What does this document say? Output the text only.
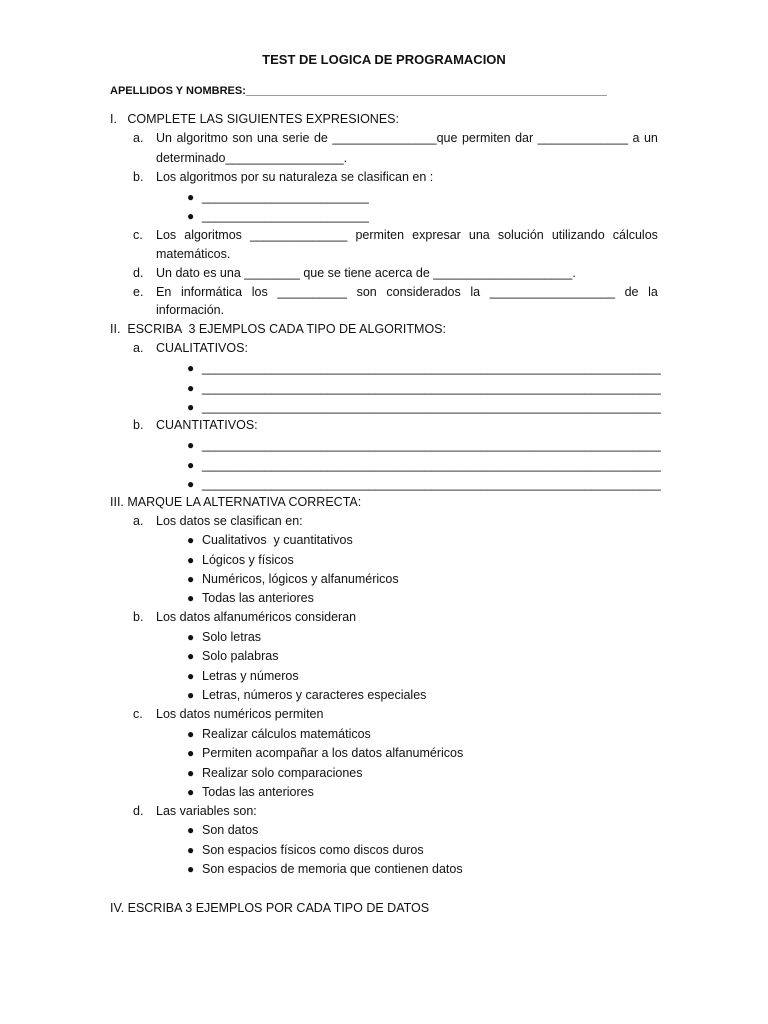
TEST DE LOGICA DE PROGRAMACION
APELLIDOS Y NOMBRES:___________________________________________________________
I.   COMPLETE LAS SIGUIENTES EXPRESIONES:
a. Un algoritmo son una serie de _______________que permiten dar _____________ a un
determinado_________________.
b. Los algoritmos por su naturaleza se clasifican en :
● ________________________
● ________________________
c. Los algoritmos ______________ permiten expresar una solución utilizando cálculos
matemáticos.
d. Un dato es una ________ que se tiene acerca de ____________________.
e. En informática los __________ son considerados la __________________ de la
información.
II.  ESCRIBA  3 EJEMPLOS CADA TIPO DE ALGORITMOS:
a. CUALITATIVOS:
● __________________________________________________________________
● __________________________________________________________________
● __________________________________________________________________
b. CUANTITATIVOS:
● __________________________________________________________________
● __________________________________________________________________
● __________________________________________________________________
III. MARQUE LA ALTERNATIVA CORRECTA:
a. Los datos se clasifican en:
● Cualitativos  y cuantitativos
● Lógicos y físicos
● Numéricos, lógicos y alfanuméricos
● Todas las anteriores
b. Los datos alfanuméricos consideran
● Solo letras
● Solo palabras
● Letras y números
● Letras, números y caracteres especiales
c. Los datos numéricos permiten
● Realizar cálculos matemáticos
● Permiten acompañar a los datos alfanuméricos
● Realizar solo comparaciones
● Todas las anteriores
d. Las variables son:
● Son datos
● Son espacios físicos como discos duros
● Son espacios de memoria que contienen datos
IV. ESCRIBA 3 EJEMPLOS POR CADA TIPO DE DATOS
